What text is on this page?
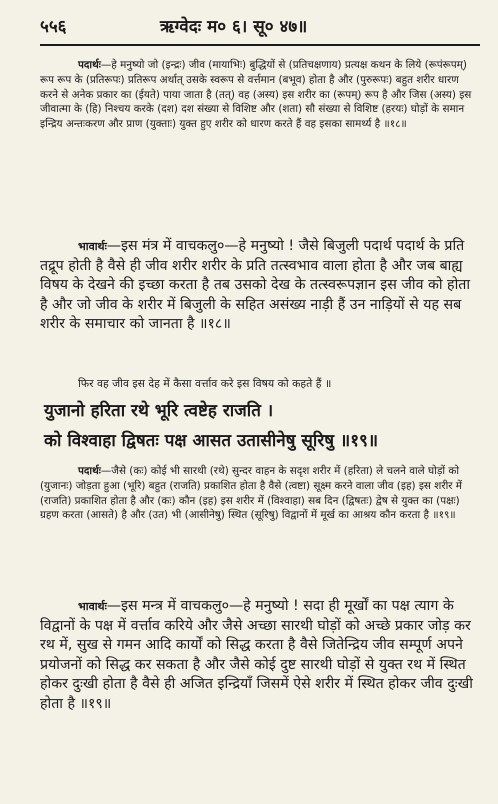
५५६	ऋग्वेदः म० ६। सू० ४७॥

पदार्थः—हे मनुष्यो जो (इन्द्रः) जीव (मायाभिः) बुद्धियों से (प्रतिचक्षणाय) प्रत्यक्ष कथन के लिये (रूपंरूपम्) रूप रूप के (प्रतिरूपः) प्रतिरूप अर्थात् उसके स्वरूप से वर्त्तमान (बभूव) होता है और (पुरुरूपः) बहुत शरीर धारण करने से अनेक प्रकार का (ईयते) पाया जाता है (तत्) वह (अस्य) इस शरीर का (रूपम्) रूप है और जिस (अस्य) इस जीवात्मा के (हि) निश्चय करके (दश) दश संख्या से विशिष्ट और (शता) सौ संख्या से विशिष्ट (हरयः) घोड़ों के समान इन्द्रिय अन्तःकरण और प्राण (युक्ताः) युक्त हुए शरीर को धारण करते हैं वह इसका सामर्थ्य है ॥१८॥

भावार्थः—इस मंत्र में वाचकलु०—हे मनुष्यो ! जैसे बिजुली पदार्थ पदार्थ के प्रति तद्रूप होती है वैसे ही जीव शरीर शरीर के प्रति तत्स्वभाव वाला होता है और जब बाह्य विषय के देखने की इच्छा करता है तब उसको देख के तत्स्वरूपज्ञान इस जीव को होता है और जो जीव के शरीर में बिजुली के सहित असंख्य नाड़ी हैं उन नाड़ियों से यह सब शरीर के समाचार को जानता है ॥१८॥

फिर वह जीव इस देह में कैसा वर्त्ताव करे इस विषय को कहते हैं ॥

युजानो हरिता रथे भूरि त्वष्टेह राजति ।

को विश्वाहा द्विषतः पक्ष आसत उतासीनेषु सूरिषु ॥१९॥

पदार्थः—जैसे (कः) कोई भी सारथी (रथे) सुन्दर वाहन के सदृश शरीर में (हरिता) ले चलने वाले घोड़ों को (युजानः) जोड़ता हुआ (भूरि) बहुत (राजति) प्रकाशित होता है वैसे (त्वष्टा) सूक्ष्म करने वाला जीव (इह) इस शरीर में (राजति) प्रकाशित होता है और (कः) कौन (इह) इस शरीर में (विश्वाहा) सब दिन (द्विषतः) द्वेष से युक्त का (पक्षः) ग्रहण करता (आसते) है और (उत) भी (आसीनेषु) स्थित (सूरिषु) विद्वानों में मूर्ख का आश्रय कौन करता है ॥१९॥

भावार्थः—इस मन्त्र में वाचकलु०—हे मनुष्यो ! सदा ही मूर्खों का पक्ष त्याग के विद्वानों के पक्ष में वर्त्ताव करिये और जैसे अच्छा सारथी घोड़ों को अच्छे प्रकार जोड़ कर रथ में, सुख से गमन आदि कार्यों को सिद्ध करता है वैसे जितेन्द्रिय जीव सम्पूर्ण अपने प्रयोजनों को सिद्ध कर सकता है और जैसे कोई दुष्ट सारथी घोड़ों से युक्त रथ में स्थित होकर दुःखी होता है वैसे ही अजित इन्द्रियाँ जिसमें ऐसे शरीर में स्थित होकर जीव दुःखी होता है ॥१९॥
